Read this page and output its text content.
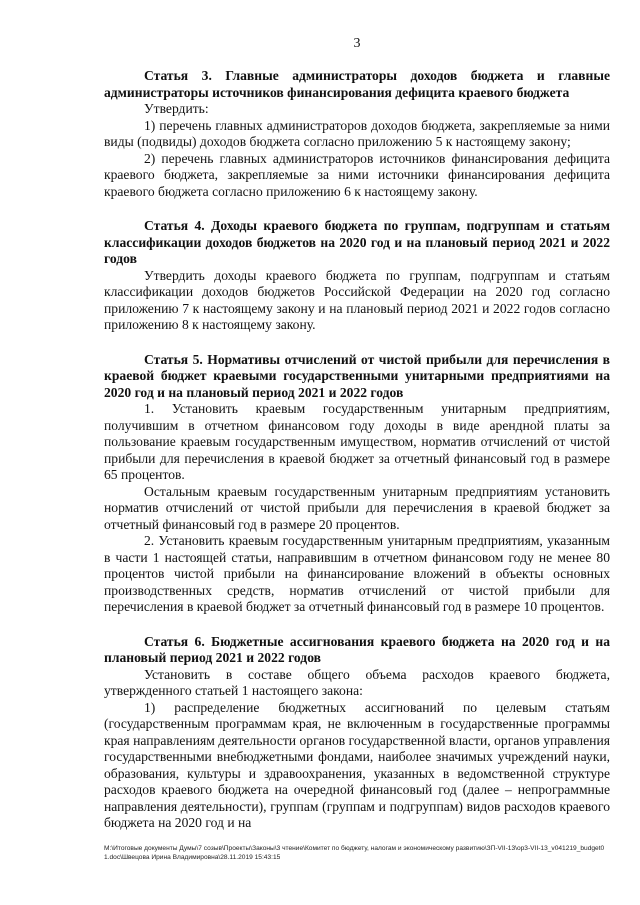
3

Статья 3. Главные администраторы доходов бюджета и главные администраторы источников финансирования дефицита краевого бюджета

Утвердить:

1) перечень главных администраторов доходов бюджета, закрепляемые за ними виды (подвиды) доходов бюджета согласно приложению 5 к настоящему закону;

2) перечень главных администраторов источников финансирования дефицита краевого бюджета, закрепляемые за ними источники финансирования дефицита краевого бюджета согласно приложению 6 к настоящему закону.

Статья 4. Доходы краевого бюджета по группам, подгруппам и статьям классификации доходов бюджетов на 2020 год и на плановый период 2021 и 2022 годов

Утвердить доходы краевого бюджета по группам, подгруппам и статьям классификации доходов бюджетов Российской Федерации на 2020 год согласно приложению 7 к настоящему закону и на плановый период 2021 и 2022 годов согласно приложению 8 к настоящему закону.

Статья 5. Нормативы отчислений от чистой прибыли для перечисления в краевой бюджет краевыми государственными унитарными предприятиями на 2020 год и на плановый период 2021 и 2022 годов

1. Установить краевым государственным унитарным предприятиям, получившим в отчетном финансовом году доходы в виде арендной платы за пользование краевым государственным имуществом, норматив отчислений от чистой прибыли для перечисления в краевой бюджет за отчетный финансовый год в размере 65 процентов.

Остальным краевым государственным унитарным предприятиям установить норматив отчислений от чистой прибыли для перечисления в краевой бюджет за отчетный финансовый год в размере 20 процентов.

2. Установить краевым государственным унитарным предприятиям, указанным в части 1 настоящей статьи, направившим в отчетном финансовом году не менее 80 процентов чистой прибыли на финансирование вложений в объекты основных производственных средств, норматив отчислений от чистой прибыли для перечисления в краевой бюджет за отчетный финансовый год в размере 10 процентов.

Статья 6. Бюджетные ассигнования краевого бюджета на 2020 год и на плановый период 2021 и 2022 годов

Установить в составе общего объема расходов краевого бюджета, утвержденного статьей 1 настоящего закона:

1) распределение бюджетных ассигнований по целевым статьям (государственным программам края, не включенным в государственные программы края направлениям деятельности органов государственной власти, органов управления государственными внебюджетными фондами, наиболее значимых учреждений науки, образования, культуры и здравоохранения, указанных в ведомственной структуре расходов краевого бюджета на очередной финансовый год (далее – непрограммные направления деятельности), группам (группам и подгруппам) видов расходов краевого бюджета на 2020 год и на

М:\Итоговые документы Думы\7 созыв\Проекты\Законы\3 чтение\Комитет по бюджету, налогам и экономическому развитию\ЗП-VII-13\ор3-VII-13_v041219_budget01.doc\Швецова Ирина Владимировна\28.11.2019 15:43:15
